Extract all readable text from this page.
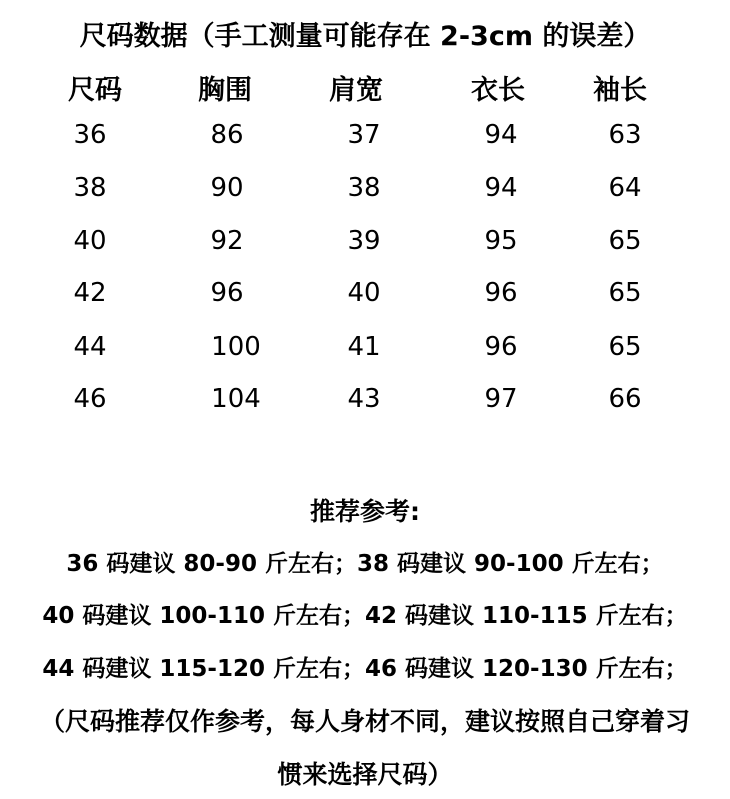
尺码数据（手工测量可能存在 2-3cm 的误差）
尺码	胸围	肩宽	衣长	袖长
36	86	37	94	63
38	90	38	94	64
40	92	39	95	65
42	96	40	96	65
44	100	41	96	65
46	104	43	97	66
推荐参考:
36 码建议 80-90 斤左右；38 码建议 90-100 斤左右；
40 码建议 100-110 斤左右；42 码建议 110-115 斤左右；
44 码建议 115-120 斤左右；46 码建议 120-130 斤左右；
（尺码推荐仅作参考，每人身材不同，建议按照自己穿着习
惯来选择尺码）
